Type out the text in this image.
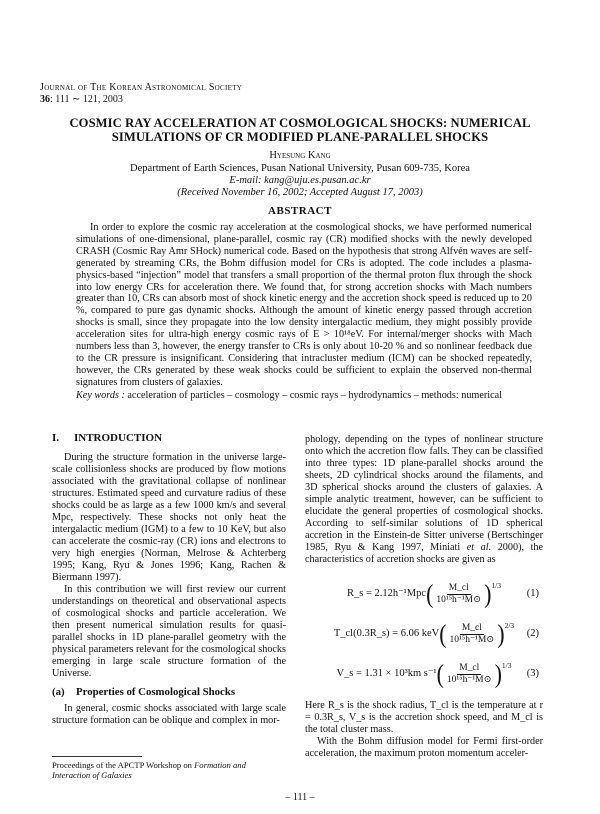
Journal of The Korean Astronomical Society
36: 111 ∼ 121, 2003
COSMIC RAY ACCELERATION AT COSMOLOGICAL SHOCKS: NUMERICAL
SIMULATIONS OF CR MODIFIED PLANE-PARALLEL SHOCKS
Hyesung Kang
Department of Earth Sciences, Pusan National University, Pusan 609-735, Korea
E-mail: kang@uju.es.pusan.ac.kr
(Received November 16, 2002; Accepted August 17, 2003)
ABSTRACT
In order to explore the cosmic ray acceleration at the cosmological shocks, we have performed numerical simulations of one-dimensional, plane-parallel, cosmic ray (CR) modified shocks with the newly developed CRASH (Cosmic Ray Amr SHock) numerical code. Based on the hypothesis that strong Alfvén waves are self-generated by streaming CRs, the Bohm diffusion model for CRs is adopted. The code includes a plasma-physics-based “injection” model that transfers a small proportion of the thermal proton flux through the shock into low energy CRs for acceleration there. We found that, for strong accretion shocks with Mach numbers greater than 10, CRs can absorb most of shock kinetic energy and the accretion shock speed is reduced up to 20 %, compared to pure gas dynamic shocks. Although the amount of kinetic energy passed through accretion shocks is small, since they propagate into the low density intergalactic medium, they might possibly provide acceleration sites for ultra-high energy cosmic rays of E > 10¹⁸eV. For internal/merger shocks with Mach numbers less than 3, however, the energy transfer to CRs is only about 10-20 % and so nonlinear feedback due to the CR pressure is insignificant. Considering that intracluster medium (ICM) can be shocked repeatedly, however, the CRs generated by these weak shocks could be sufficient to explain the observed non-thermal signatures from clusters of galaxies.
Key words : acceleration of particles – cosmology – cosmic rays – hydrodynamics – methods: numerical
I. INTRODUCTION

During the structure formation in the universe large-scale collisionless shocks are produced by flow motions associated with the gravitational collapse of nonlinear structures. Estimated speed and curvature radius of these shocks could be as large as a few 1000 km/s and several Mpc, respectively. These shocks not only heat the intergalactic medium (IGM) to a few to 10 KeV, but also can accelerate the cosmic-ray (CR) ions and electrons to very high energies (Norman, Melrose & Achterberg 1995; Kang, Ryu & Jones 1996; Kang, Rachen & Biermann 1997).

In this contribution we will first review our current understandings on theoretical and observational aspects of cosmological shocks and particle acceleration. We then present numerical simulation results for quasi-parallel shocks in 1D plane-parallel geometry with the physical parameters relevant for the cosmological shocks emerging in large scale structure formation of the Universe.

(a) Properties of Cosmological Shocks

In general, cosmic shocks associated with large scale structure formation can be oblique and complex in mor-

phology, depending on the types of nonlinear structure onto which the accretion flow falls. They can be classified into three types: 1D plane-parallel shocks around the sheets, 2D cylindrical shocks around the filaments, and 3D spherical shocks around the clusters of galaxies. A simple analytic treatment, however, can be sufficient to elucidate the general properties of cosmological shocks. According to self-similar solutions of 1D spherical accretion in the Einstein-de Sitter universe (Bertschinger 1985, Ryu & Kang 1997, Miniati et al. 2000), the characteristics of accretion shocks are given as

R_s = 2.12h⁻¹Mpc ( $\frac{M\_cl}{\text{10¹⁵h⁻¹M⊙}} )^{1/3}$
(1)
T_cl(0.3R_s) = 6.06 keV ( $\frac{M\_cl}{\text{10¹⁵h⁻¹M⊙}} )^{2/3}$
(2)
V_s = 1.31 × 10³km s⁻¹ ( $\frac{M\_cl}{\text{10¹⁵h⁻¹M⊙}} )^{1/3}$
(3)

Here R_s is the shock radius, T_cl is the temperature at r = 0.3R_s, V_s is the accretion shock speed, and M_cl is the total cluster mass.

With the Bohm diffusion model for Fermi first-order acceleration, the maximum proton momentum acceler-

Proceedings of the APCTP Workshop on Formation and Interaction of Galaxies
– 111 –
